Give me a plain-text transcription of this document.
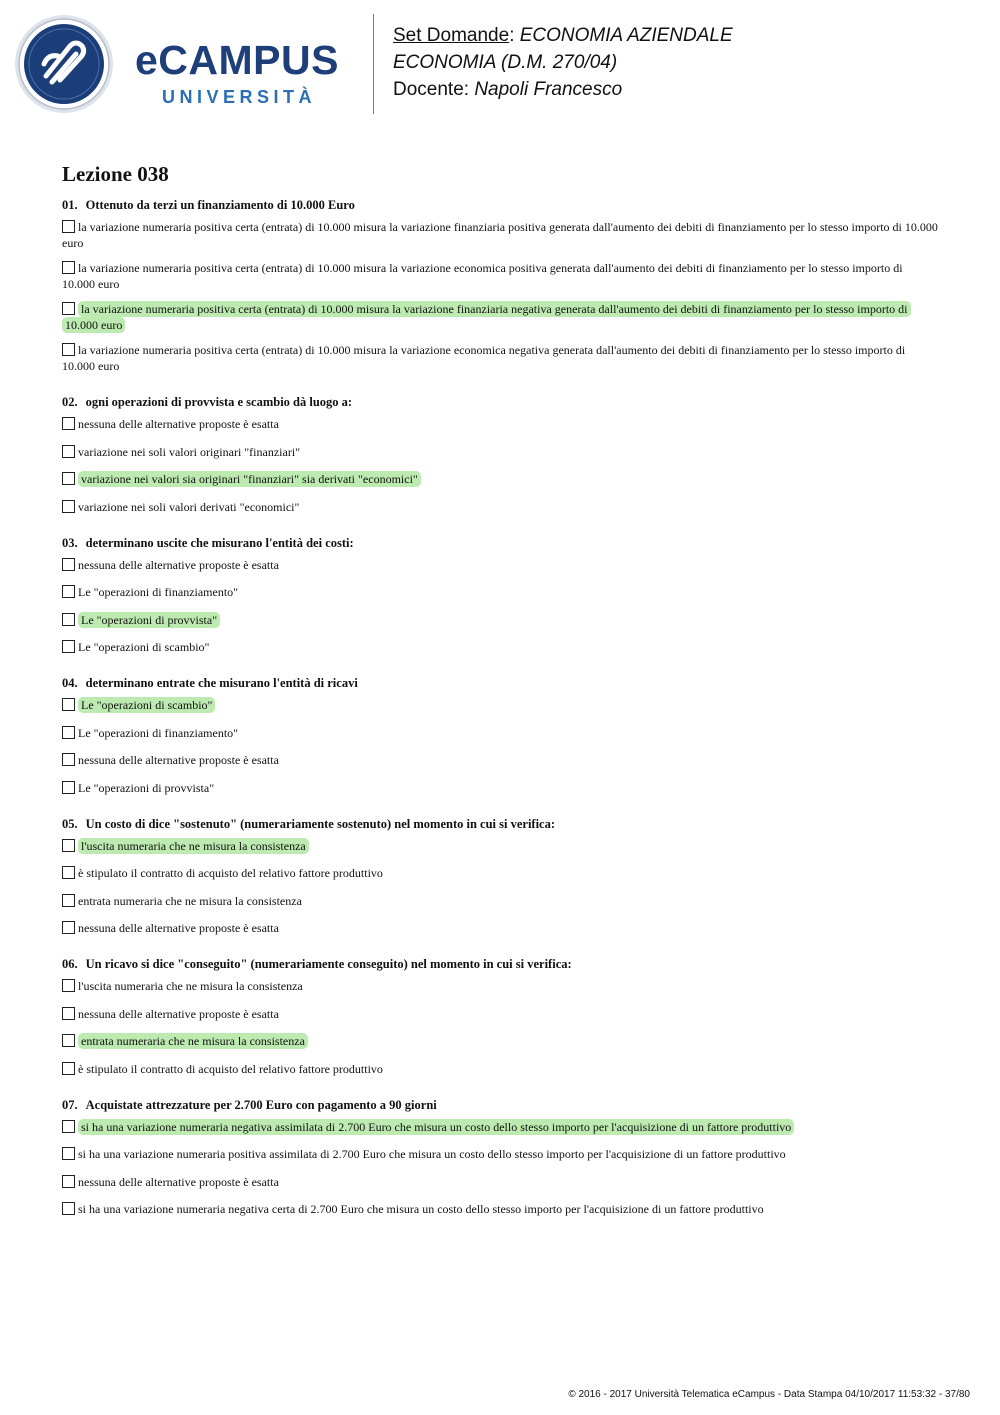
eCAMPUS
UNIVERSITÀ
Set Domande: ECONOMIA AZIENDALE
ECONOMIA (D.M. 270/04)
Docente: Napoli Francesco
Lezione 038
01. Ottenuto da terzi un finanziamento di 10.000 Euro
la variazione numeraria positiva certa (entrata) di 10.000 misura la variazione finanziaria positiva generata dall'aumento dei debiti di finanziamento per lo stesso importo di 10.000 euro
la variazione numeraria positiva certa (entrata) di 10.000 misura la variazione economica positiva generata dall'aumento dei debiti di finanziamento per lo stesso importo di 10.000 euro
la variazione numeraria positiva certa (entrata) di 10.000 misura la variazione finanziaria negativa generata dall'aumento dei debiti di finanziamento per lo stesso importo di 10.000 euro
la variazione numeraria positiva certa (entrata) di 10.000 misura la variazione economica negativa generata dall'aumento dei debiti di finanziamento per lo stesso importo di 10.000 euro
02. ogni operazioni di provvista e scambio dà luogo a:
nessuna delle alternative proposte è esatta
variazione nei soli valori originari "finanziari"
variazione nei valori sia originari "finanziari" sia derivati "economici"
variazione nei soli valori derivati "economici"
03. determinano uscite che misurano l'entità dei costi:
nessuna delle alternative proposte è esatta
Le "operazioni di finanziamento"
Le "operazioni di provvista"
Le "operazioni di scambio"
04. determinano entrate che misurano l'entità di ricavi
Le "operazioni di scambio"
Le "operazioni di finanziamento"
nessuna delle alternative proposte è esatta
Le "operazioni di provvista"
05. Un costo di dice "sostenuto" (numerariamente sostenuto) nel momento in cui si verifica:
l'uscita numeraria che ne misura la consistenza
è stipulato il contratto di acquisto del relativo fattore produttivo
entrata numeraria che ne misura la consistenza
nessuna delle alternative proposte è esatta
06. Un ricavo si dice "conseguito" (numerariamente conseguito) nel momento in cui si verifica:
l'uscita numeraria che ne misura la consistenza
nessuna delle alternative proposte è esatta
entrata numeraria che ne misura la consistenza
è stipulato il contratto di acquisto del relativo fattore produttivo
07. Acquistate attrezzature per 2.700 Euro con pagamento a 90 giorni
si ha una variazione numeraria negativa assimilata di 2.700 Euro che misura un costo dello stesso importo per l'acquisizione di un fattore produttivo
si ha una variazione numeraria positiva assimilata di 2.700 Euro che misura un costo dello stesso importo per l'acquisizione di un fattore produttivo
nessuna delle alternative proposte è esatta
si ha una variazione numeraria negativa certa di 2.700 Euro che misura un costo dello stesso importo per l'acquisizione di un fattore produttivo
© 2016 - 2017 Università Telematica eCampus - Data Stampa 04/10/2017 11:53:32 - 37/80
